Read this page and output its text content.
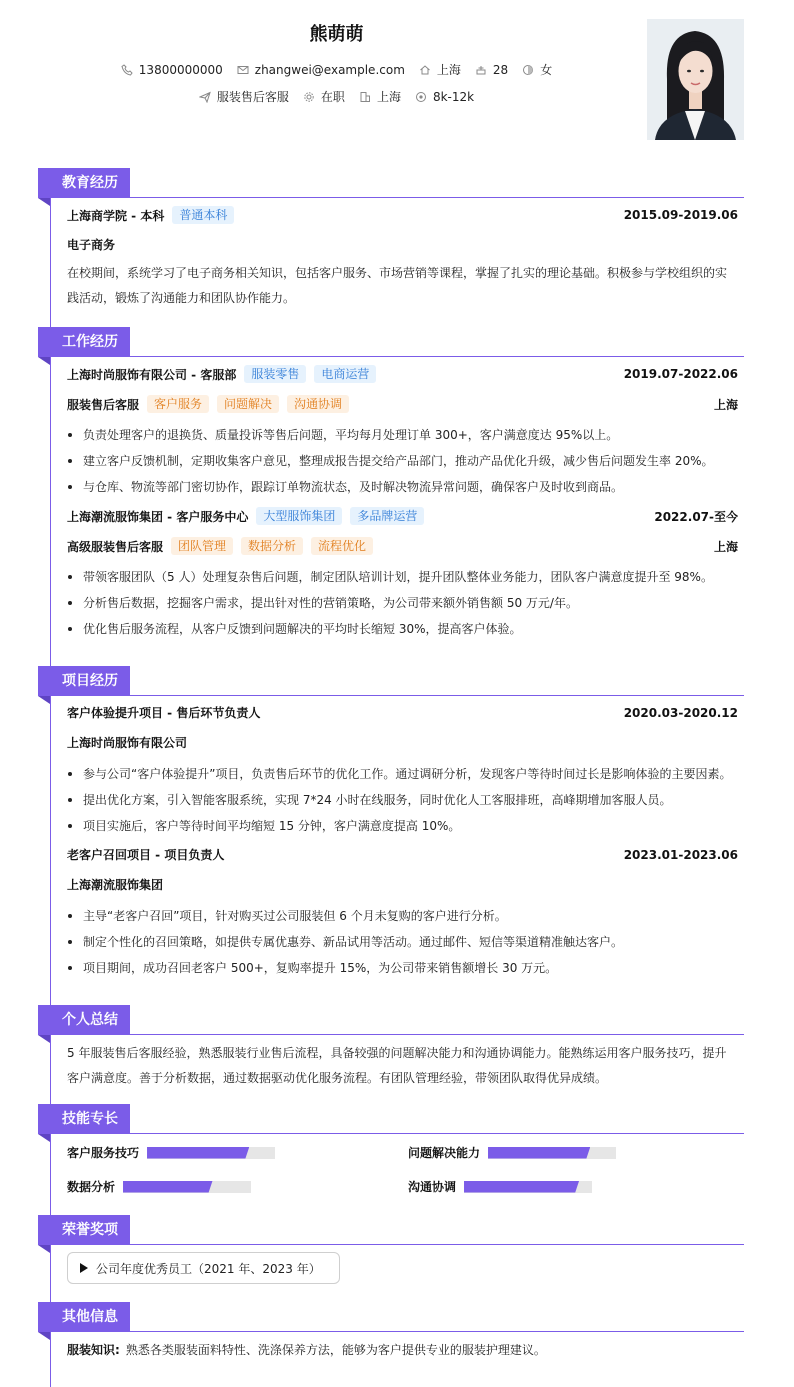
熊萌萌
13800000000	zhangwei@example.com	上海	28	女
服装售后客服	在职	上海	8k-12k
教育经历
上海商学院 - 本科	普通本科	2015.09-2019.06
电子商务
在校期间，系统学习了电子商务相关知识，包括客户服务、市场营销等课程，掌握了扎实的理论基础。积极参与学校组织的实践活动，锻炼了沟通能力和团队协作能力。
工作经历
上海时尚服饰有限公司 - 客服部	服装零售	电商运营	2019.07-2022.06
服装售后客服	客户服务	问题解决	沟通协调	上海
负责处理客户的退换货、质量投诉等售后问题，平均每月处理订单 300+，客户满意度达 95%以上。
建立客户反馈机制，定期收集客户意见，整理成报告提交给产品部门，推动产品优化升级，减少售后问题发生率 20%。
与仓库、物流等部门密切协作，跟踪订单物流状态，及时解决物流异常问题，确保客户及时收到商品。
上海潮流服饰集团 - 客户服务中心	大型服饰集团	多品牌运营	2022.07-至今
高级服装售后客服	团队管理	数据分析	流程优化	上海
带领客服团队（5 人）处理复杂售后问题，制定团队培训计划，提升团队整体业务能力，团队客户满意度提升至 98%。
分析售后数据，挖掘客户需求，提出针对性的营销策略，为公司带来额外销售额 50 万元/年。
优化售后服务流程，从客户反馈到问题解决的平均时长缩短 30%，提高客户体验。
项目经历
客户体验提升项目 - 售后环节负责人	2020.03-2020.12
上海时尚服饰有限公司
参与公司“客户体验提升”项目，负责售后环节的优化工作。通过调研分析，发现客户等待时间过长是影响体验的主要因素。
提出优化方案，引入智能客服系统，实现 7*24 小时在线服务，同时优化人工客服排班，高峰期增加客服人员。
项目实施后，客户等待时间平均缩短 15 分钟，客户满意度提高 10%。
老客户召回项目 - 项目负责人	2023.01-2023.06
上海潮流服饰集团
主导“老客户召回”项目，针对购买过公司服装但 6 个月未复购的客户进行分析。
制定个性化的召回策略，如提供专属优惠券、新品试用等活动。通过邮件、短信等渠道精准触达客户。
项目期间，成功召回老客户 500+，复购率提升 15%，为公司带来销售额增长 30 万元。
个人总结
5 年服装售后客服经验，熟悉服装行业售后流程，具备较强的问题解决能力和沟通协调能力。能熟练运用客户服务技巧，提升客户满意度。善于分析数据，通过数据驱动优化服务流程。有团队管理经验，带领团队取得优异成绩。
技能专长
客户服务技巧	问题解决能力
数据分析	沟通协调
荣誉奖项
公司年度优秀员工（2021 年、2023 年）
其他信息
服装知识: 熟悉各类服装面料特性、洗涤保养方法，能够为客户提供专业的服装护理建议。
